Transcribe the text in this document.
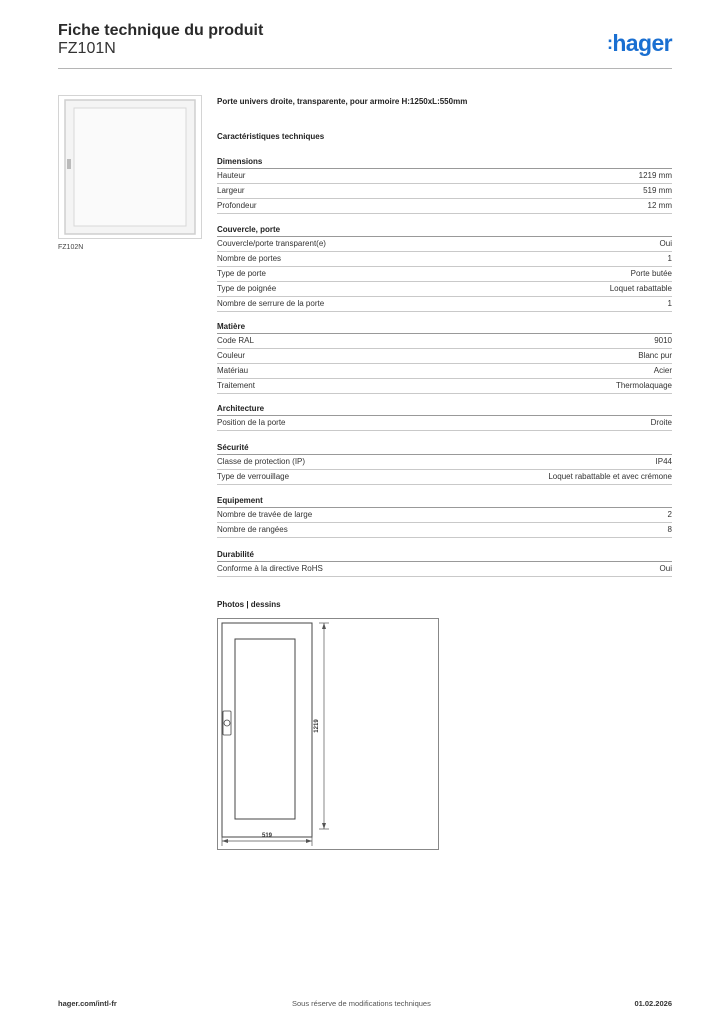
Fiche technique du produit
FZ101N	:hager
FZ102N
Porte univers droite, transparente, pour armoire H:1250xL:550mm
Caractéristiques techniques
Dimensions
Hauteur	1219 mm
Largeur	519 mm
Profondeur	12 mm
Couvercle, porte
Couvercle/porte transparent(e)	Oui
Nombre de portes	1
Type de porte	Porte butée
Type de poignée	Loquet rabattable
Nombre de serrure de la porte	1
Matière
Code RAL	9010
Couleur	Blanc pur
Matériau	Acier
Traitement	Thermolaquage
Architecture
Position de la porte	Droite
Sécurité
Classe de protection (IP)	IP44
Type de verrouillage	Loquet rabattable et avec crémone
Equipement
Nombre de travée de large	2
Nombre de rangées	8
Durabilité
Conforme à la directive RoHS	Oui
Photos | dessins
1219
519
hager.com/intl-fr	Sous réserve de modifications techniques	01.02.2026
